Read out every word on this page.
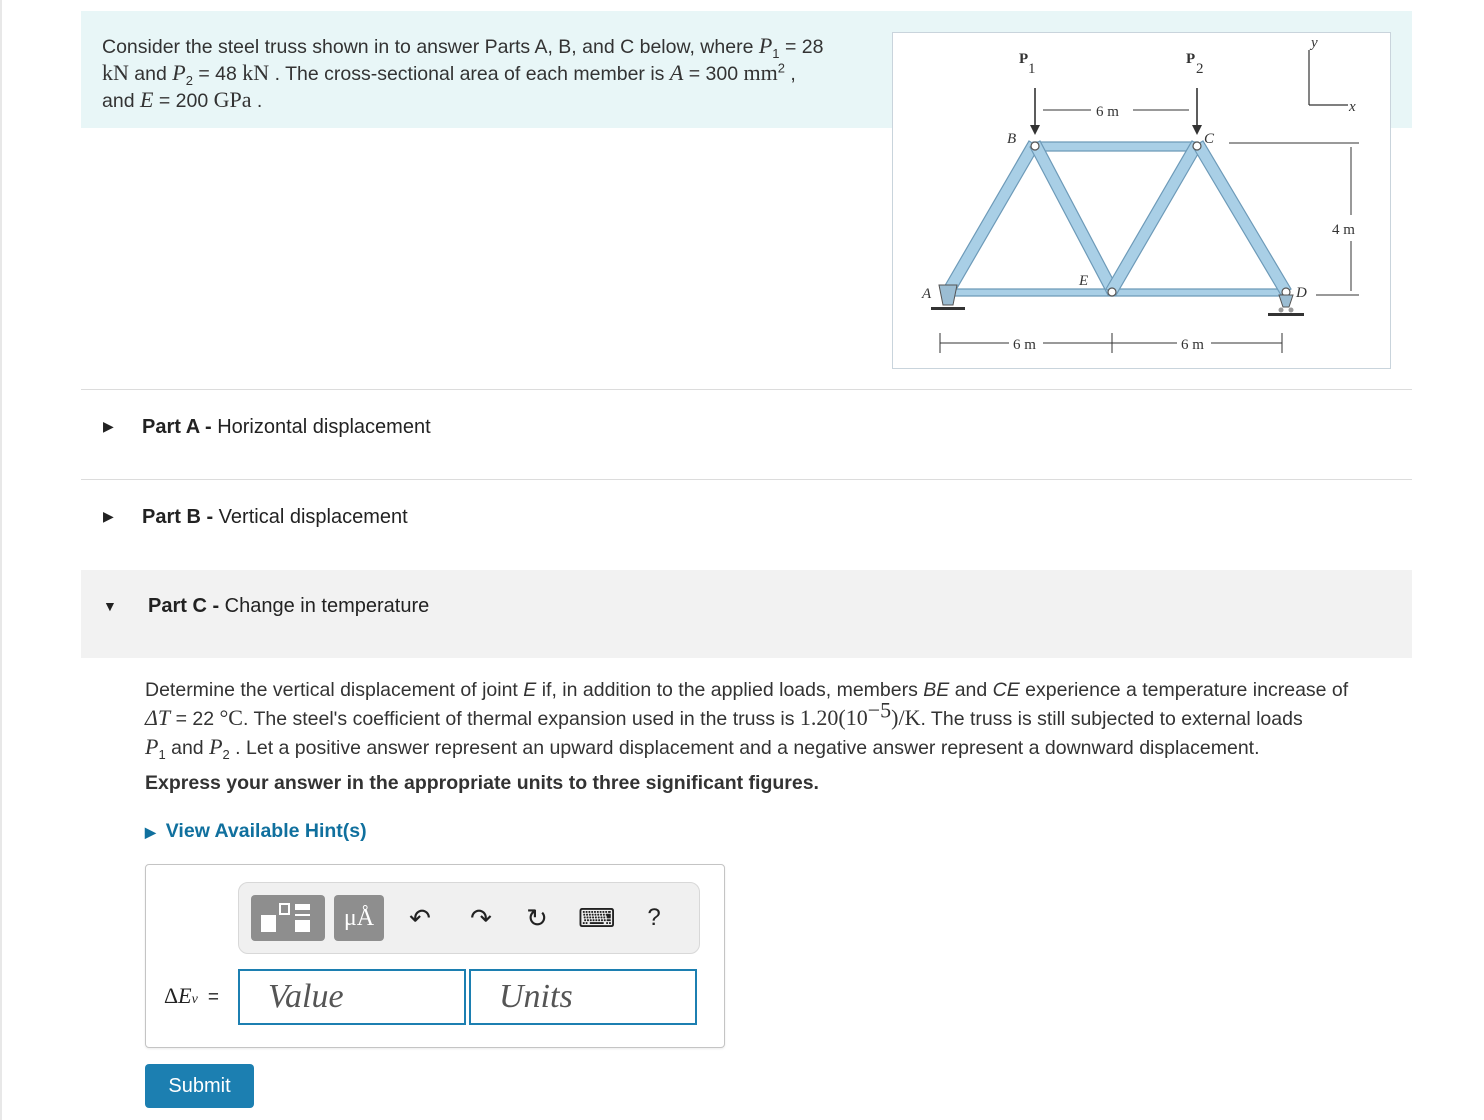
Consider the steel truss shown in to answer Parts A, B, and C below, where $P_1 = 28$
kN and $P_2 = 48$ kN . The cross-sectional area of each member is A = 300 $mm^2$ ,
and E = 200 GPa .
P
1
P
2
6 m
y
x
4 m
B	C
A	D
E
6 m	6 m
▶ Part A - Horizontal displacement
▶ Part B - Vertical displacement
▼ Part C - Change in temperature
Determine the vertical displacement of joint E if, in addition to the applied loads, members BE and CE experience a temperature increase of
ΔT = 22 °C. The steel's coefficient of thermal expansion used in the truss is $1.20(10^{-5})/K$. The truss is still subjected to external loads
$P_1$ and $P_2$ . Let a positive answer represent an upward displacement and a negative answer represent a downward displacement.
Express your answer in the appropriate units to three significant figures.
▶ View Available Hint(s)
μÅ	↶ ↷ ↻ ⌨	?
ΔEv =	Value	Units
Submit
